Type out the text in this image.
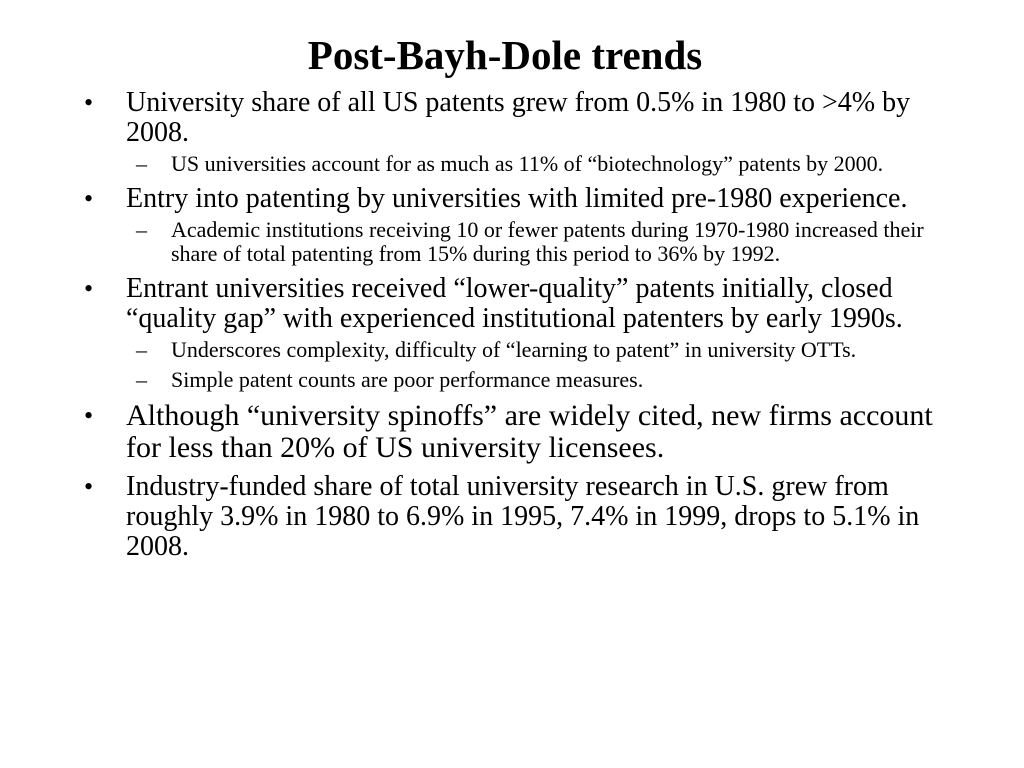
Post-Bayh-Dole trends
• University share of all US patents grew from 0.5% in 1980 to >4% by 2008.
– US universities account for as much as 11% of “biotechnology” patents by 2000.
• Entry into patenting by universities with limited pre-1980 experience.
– Academic institutions receiving 10 or fewer patents during 1970-1980 increased their share of total patenting from 15% during this period to 36% by 1992.
• Entrant universities received “lower-quality” patents initially, closed “quality gap” with experienced institutional patenters by early 1990s.
– Underscores complexity, difficulty of “learning to patent” in university OTTs.
– Simple patent counts are poor performance measures.
• Although “university spinoffs” are widely cited, new firms account for less than 20% of US university licensees.
• Industry-funded share of total university research in U.S. grew from roughly 3.9% in 1980 to 6.9% in 1995, 7.4% in 1999, drops to 5.1% in 2008.
